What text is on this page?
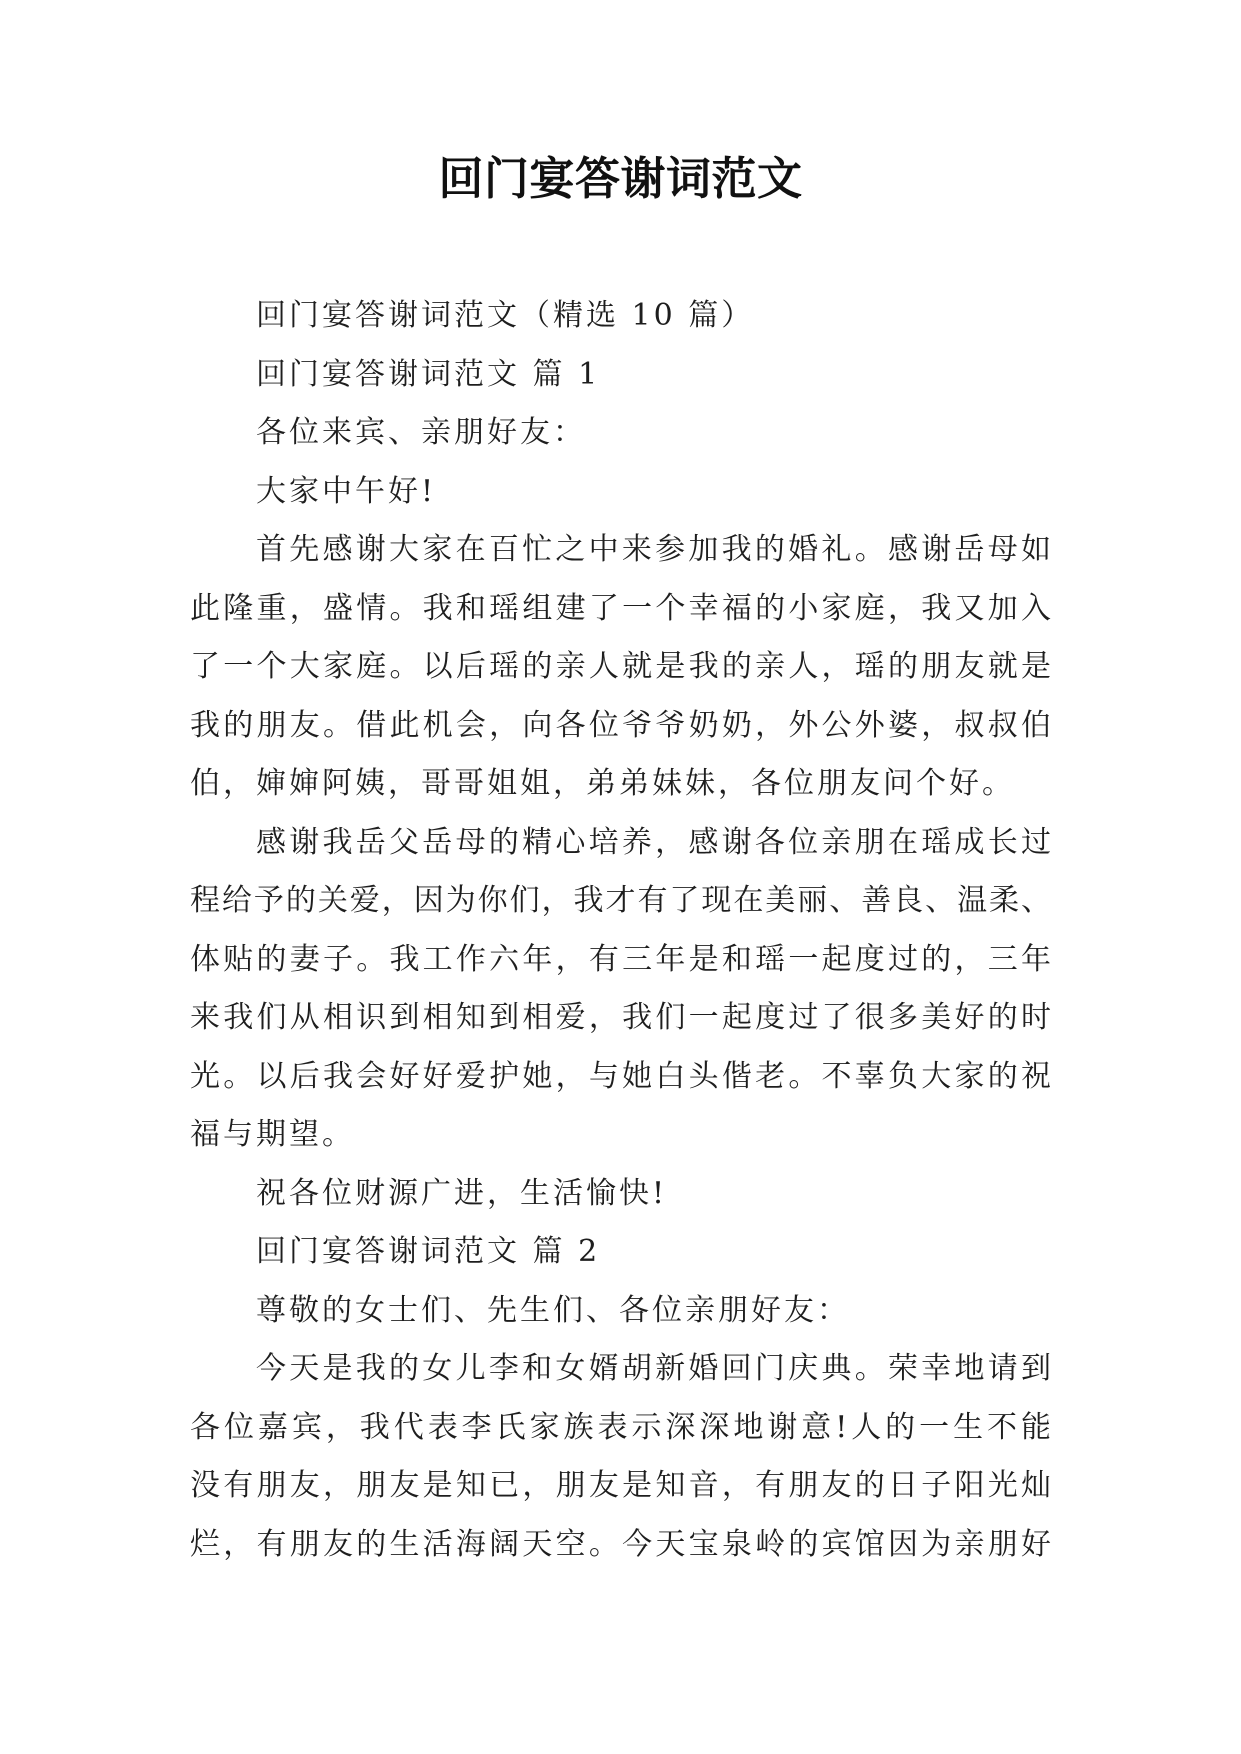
回门宴答谢词范文
回门宴答谢词范文（精选 10 篇）
回门宴答谢词范文 篇 1
各位来宾、亲朋好友：
大家中午好!
首先感谢大家在百忙之中来参加我的婚礼。感谢岳母如
此隆重，盛情。我和瑶组建了一个幸福的小家庭，我又加入
了一个大家庭。以后瑶的亲人就是我的亲人，瑶的朋友就是
我的朋友。借此机会，向各位爷爷奶奶，外公外婆，叔叔伯
伯，婶婶阿姨，哥哥姐姐，弟弟妹妹，各位朋友问个好。
感谢我岳父岳母的精心培养，感谢各位亲朋在瑶成长过
程给予的关爱，因为你们，我才有了现在美丽、善良、温柔、
体贴的妻子。我工作六年，有三年是和瑶一起度过的，三年
来我们从相识到相知到相爱，我们一起度过了很多美好的时
光。以后我会好好爱护她，与她白头偕老。不辜负大家的祝
福与期望。
祝各位财源广进，生活愉快!
回门宴答谢词范文 篇 2
尊敬的女士们、先生们、各位亲朋好友：
今天是我的女儿李和女婿胡新婚回门庆典。荣幸地请到
各位嘉宾，我代表李氏家族表示深深地谢意!人的一生不能
没有朋友，朋友是知已，朋友是知音，有朋友的日子阳光灿
烂，有朋友的生活海阔天空。今天宝泉岭的宾馆因为亲朋好
